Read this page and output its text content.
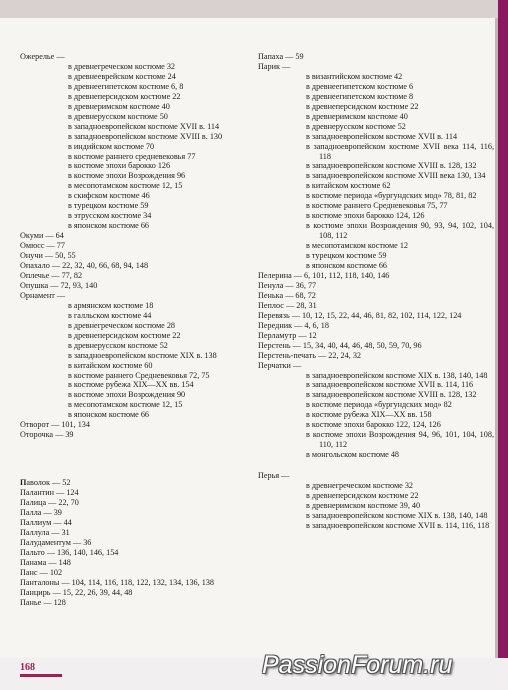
Ожерелье —
в древнегреческом костюме 32
в древнееврейском костюме 24
в древнеегипетском костюме 6, 8
в древнеперсидском костюме 22
в древнеримском костюме 40
в древнерусском костюме 50
в западноевропейском костюме XVII в. 114
в западноевропейском костюме XVIII в. 130
в индийском костюме 70
в костюме раннего средневековья 77
в костюме эпохи барокко 126
в костюме эпохи Возрождения 96
в месопотамском костюме 12, 15
в скифском костюме 46
в турецком костюме 59
в этрусском костюме 34
в японском костюме 66
Окуми — 64
Омюсс — 77
Онучи — 50, 55
Опахало — 22, 32, 40, 66, 68, 94, 148
Оплечье — 77, 82
Опушка — 72, 93, 140
Орнамент —
в армянском костюме 18
в галльском костюме 44
в древнегреческом костюме 28
в древнеперсидском костюме 22
в древнерусском костюме 52
в западноевропейском костюме XIX в. 138
в китайском костюме 60
в костюме раннего Средневековья 72, 75
в костюме рубежа XIX—XX вв. 154
в костюме эпохи Возрождения 90
в месопотамском костюме 12, 15
в японском костюме 66
Отворот — 101, 134
Оторочка — 39
Паволок — 52
Палантин — 124
Палица — 22, 70
Палла — 39
Паллиум — 44
Паллула — 31
Палудаментум — 36
Пальто — 136, 140, 146, 154
Панама — 148
Панс — 102
Панталоны — 104, 114, 116, 118, 122, 132, 134, 136, 138
Панцирь — 15, 22, 26, 39, 44, 48
Панье — 128
Папаха — 59
Парик —
в византийском костюме 42
в древнеегипетском костюме 6
в древнеегипетском костюме 8
в древнеперсидском костюме 22
в древнеримском костюме 40
в древнерусском костюме 52
в западноевропейском костюме XVII в. 114
в западноевропейском костюме XVII века 114, 116, 118
в западноевропейском костюме XVIII в. 128, 132
в западноевропейском костюме XVIII века 130, 134
в китайском костюме 62
в костюме периода «бургундских мод» 78, 81, 82
в костюме раннего Средневековья 75, 77
в костюме эпохи барокко 124, 126
в костюме эпохи Возрождения 90, 93, 94, 102, 104, 108, 112
в месопотамском костюме 12
в турецком костюме 59
в японском костюме 66
Пелерина — 6, 101, 112, 118, 140, 146
Пенула — 36, 77
Пенька — 68, 72
Пеплос — 28, 31
Перевязь — 10, 12, 15, 22, 44, 46, 81, 82, 102, 114, 122, 124
Передник — 4, 6, 18
Перламутр — 12
Перстень — 15, 34, 40, 44, 46, 48, 50, 59, 70, 96
Перстень-печать — 22, 24, 32
Перчатки —
в западноевропейском костюме XIX в. 138, 140, 148
в западноевропейском костюме XVII в. 114, 116
в западноевропейском костюме XVIII в. 128, 132
в костюме периода «бургундских мод» 82
в костюме рубежа XIX—XX вв. 158
в костюме эпохи барокко 122, 124, 126
в костюме эпохи Возрождения 94, 96, 101, 104, 108, 110, 112
в монгольском костюме 48
Перья —
в древнегреческом костюме 32
в древнеперсидском костюме 22
в древнеримском костюме 39, 40
в западноевропейском костюме XIX в. 138, 140, 148
в западноевропейском костюме XVII в. 114, 116, 118
168	PassionForum.ru
